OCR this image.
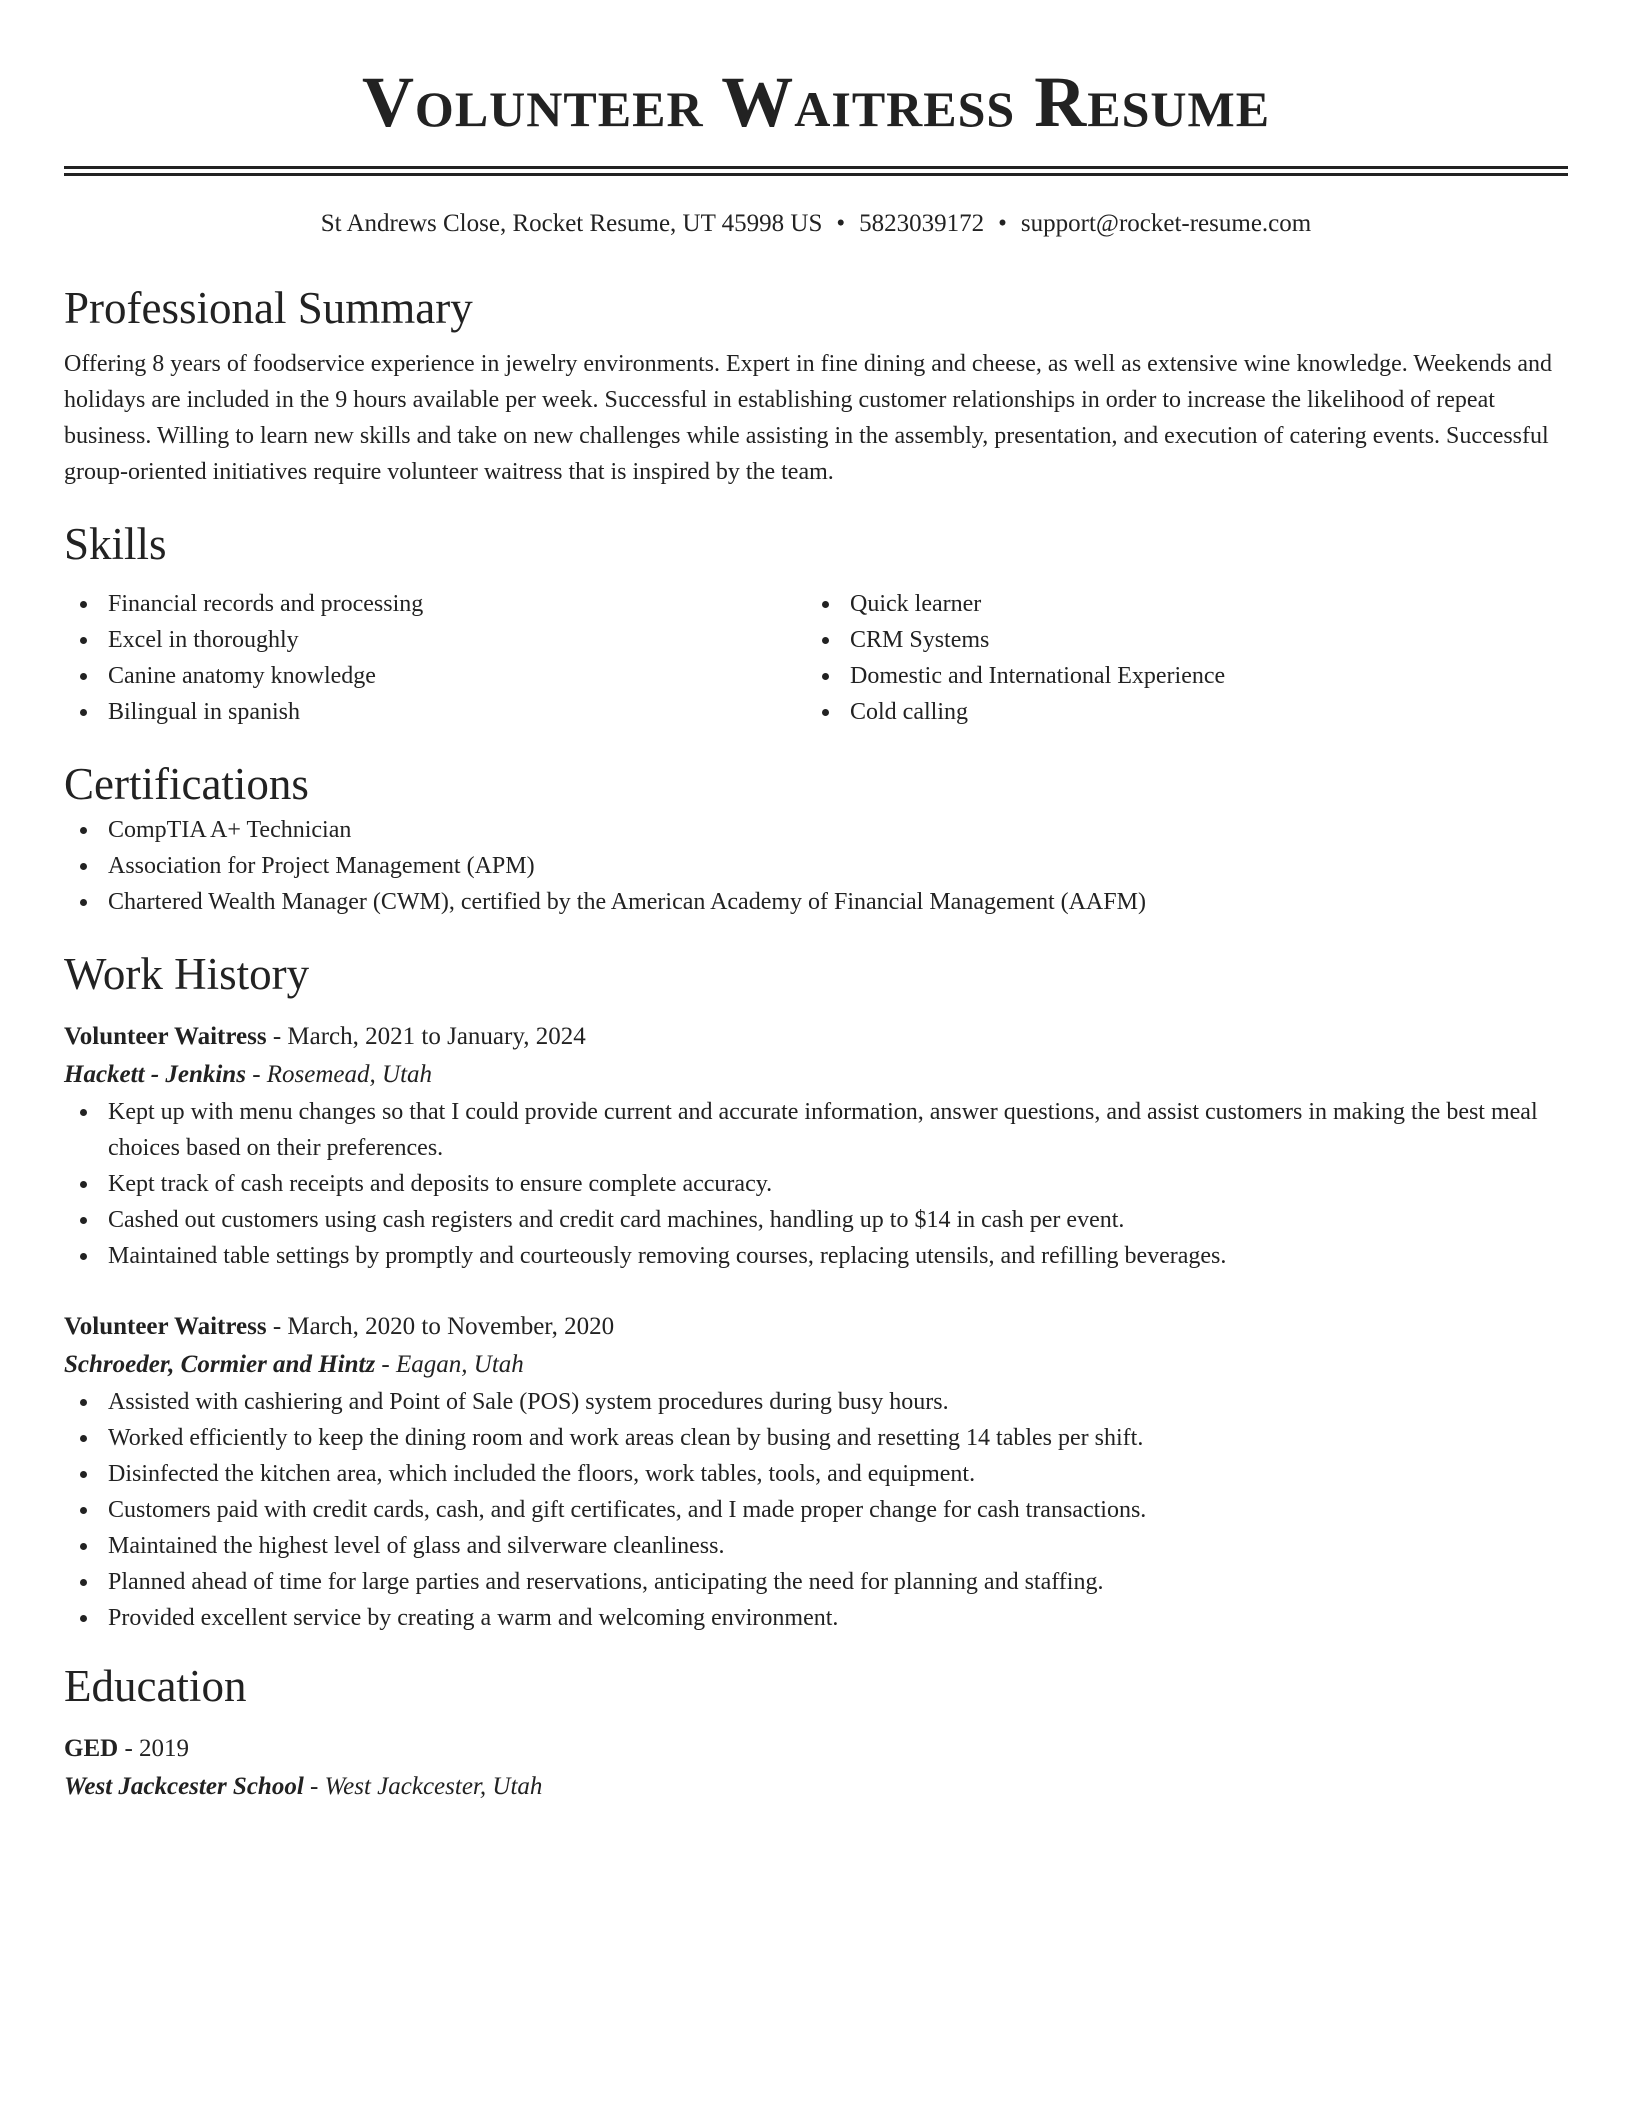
Volunteer Waitress Resume
St Andrews Close, Rocket Resume, UT 45998 US • 5823039172 • support@rocket-resume.com
Professional Summary

Offering 8 years of foodservice experience in jewelry environments. Expert in fine dining and cheese, as well as extensive wine knowledge. Weekends and holidays are included in the 9 hours available per week. Successful in establishing customer relationships in order to increase the likelihood of repeat business. Willing to learn new skills and take on new challenges while assisting in the assembly, presentation, and execution of catering events. Successful group-oriented initiatives require volunteer waitress that is inspired by the team.

Skills
Financial records and processing
Excel in thoroughly
Canine anatomy knowledge
Bilingual in spanish
Quick learner
CRM Systems
Domestic and International Experience
Cold calling
Certifications
CompTIA A+ Technician
Association for Project Management (APM)
Chartered Wealth Manager (CWM), certified by the American Academy of Financial Management (AAFM)
Work History
Volunteer Waitress - March, 2021 to January, 2024
Hackett - Jenkins - Rosemead, Utah
Kept up with menu changes so that I could provide current and accurate information, answer questions, and assist customers in making the best meal choices based on their preferences.
Kept track of cash receipts and deposits to ensure complete accuracy.
Cashed out customers using cash registers and credit card machines, handling up to $14 in cash per event.
Maintained table settings by promptly and courteously removing courses, replacing utensils, and refilling beverages.
Volunteer Waitress - March, 2020 to November, 2020
Schroeder, Cormier and Hintz - Eagan, Utah
Assisted with cashiering and Point of Sale (POS) system procedures during busy hours.
Worked efficiently to keep the dining room and work areas clean by busing and resetting 14 tables per shift.
Disinfected the kitchen area, which included the floors, work tables, tools, and equipment.
Customers paid with credit cards, cash, and gift certificates, and I made proper change for cash transactions.
Maintained the highest level of glass and silverware cleanliness.
Planned ahead of time for large parties and reservations, anticipating the need for planning and staffing.
Provided excellent service by creating a warm and welcoming environment.
Education
GED - 2019
West Jackcester School - West Jackcester, Utah
